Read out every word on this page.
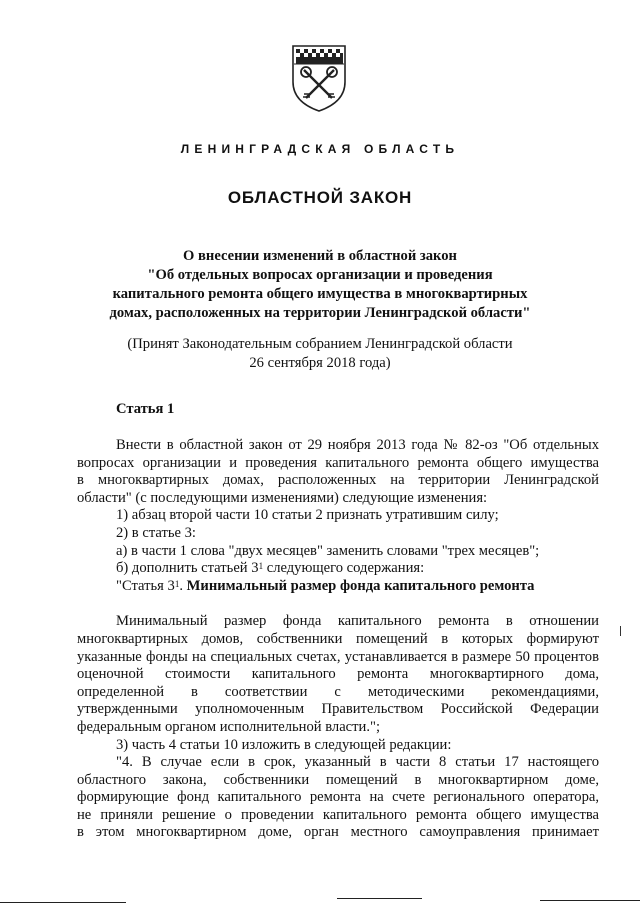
ЛЕНИНГРАДСКАЯ ОБЛАСТЬ
ОБЛАСТНОЙ ЗАКОН
О внесении изменений в областной закон
"Об отдельных вопросах организации и проведения
капитального ремонта общего имущества в многоквартирных
домах, расположенных на территории Ленинградской области"
(Принят Законодательным собранием Ленинградской области
26 сентября 2018 года)
Статья 1

Внести в областной закон от 29 ноября 2013 года № 82-оз "Об отдельных

вопросах организации и проведения капитального ремонта общего имущества

в многоквартирных домах, расположенных на территории Ленинградской

области" (с последующими изменениями) следующие изменения:

1) абзац второй части 10 статьи 2 признать утратившим силу;

2) в статье 3:

а) в части 1 слова "двух месяцев" заменить словами "трех месяцев";

б) дополнить статьей $3^1$ следующего содержания:

"Статья $3^1$. Минимальный размер фонда капитального ремонта

Минимальный размер фонда капитального ремонта в отношении

многоквартирных домов, собственники помещений в которых формируют

указанные фонды на специальных счетах, устанавливается в размере 50 процентов

оценочной стоимости капитального ремонта многоквартирного дома,

определенной в соответствии с методическими рекомендациями,

утвержденными уполномоченным Правительством Российской Федерации

федеральным органом исполнительной власти.";

3) часть 4 статьи 10 изложить в следующей редакции:

"4. В случае если в срок, указанный в части 8 статьи 17 настоящего

областного закона, собственники помещений в многоквартирном доме,

формирующие фонд капитального ремонта на счете регионального оператора,

не приняли решение о проведении капитального ремонта общего имущества

в этом многоквартирном доме, орган местного самоуправления принимает
